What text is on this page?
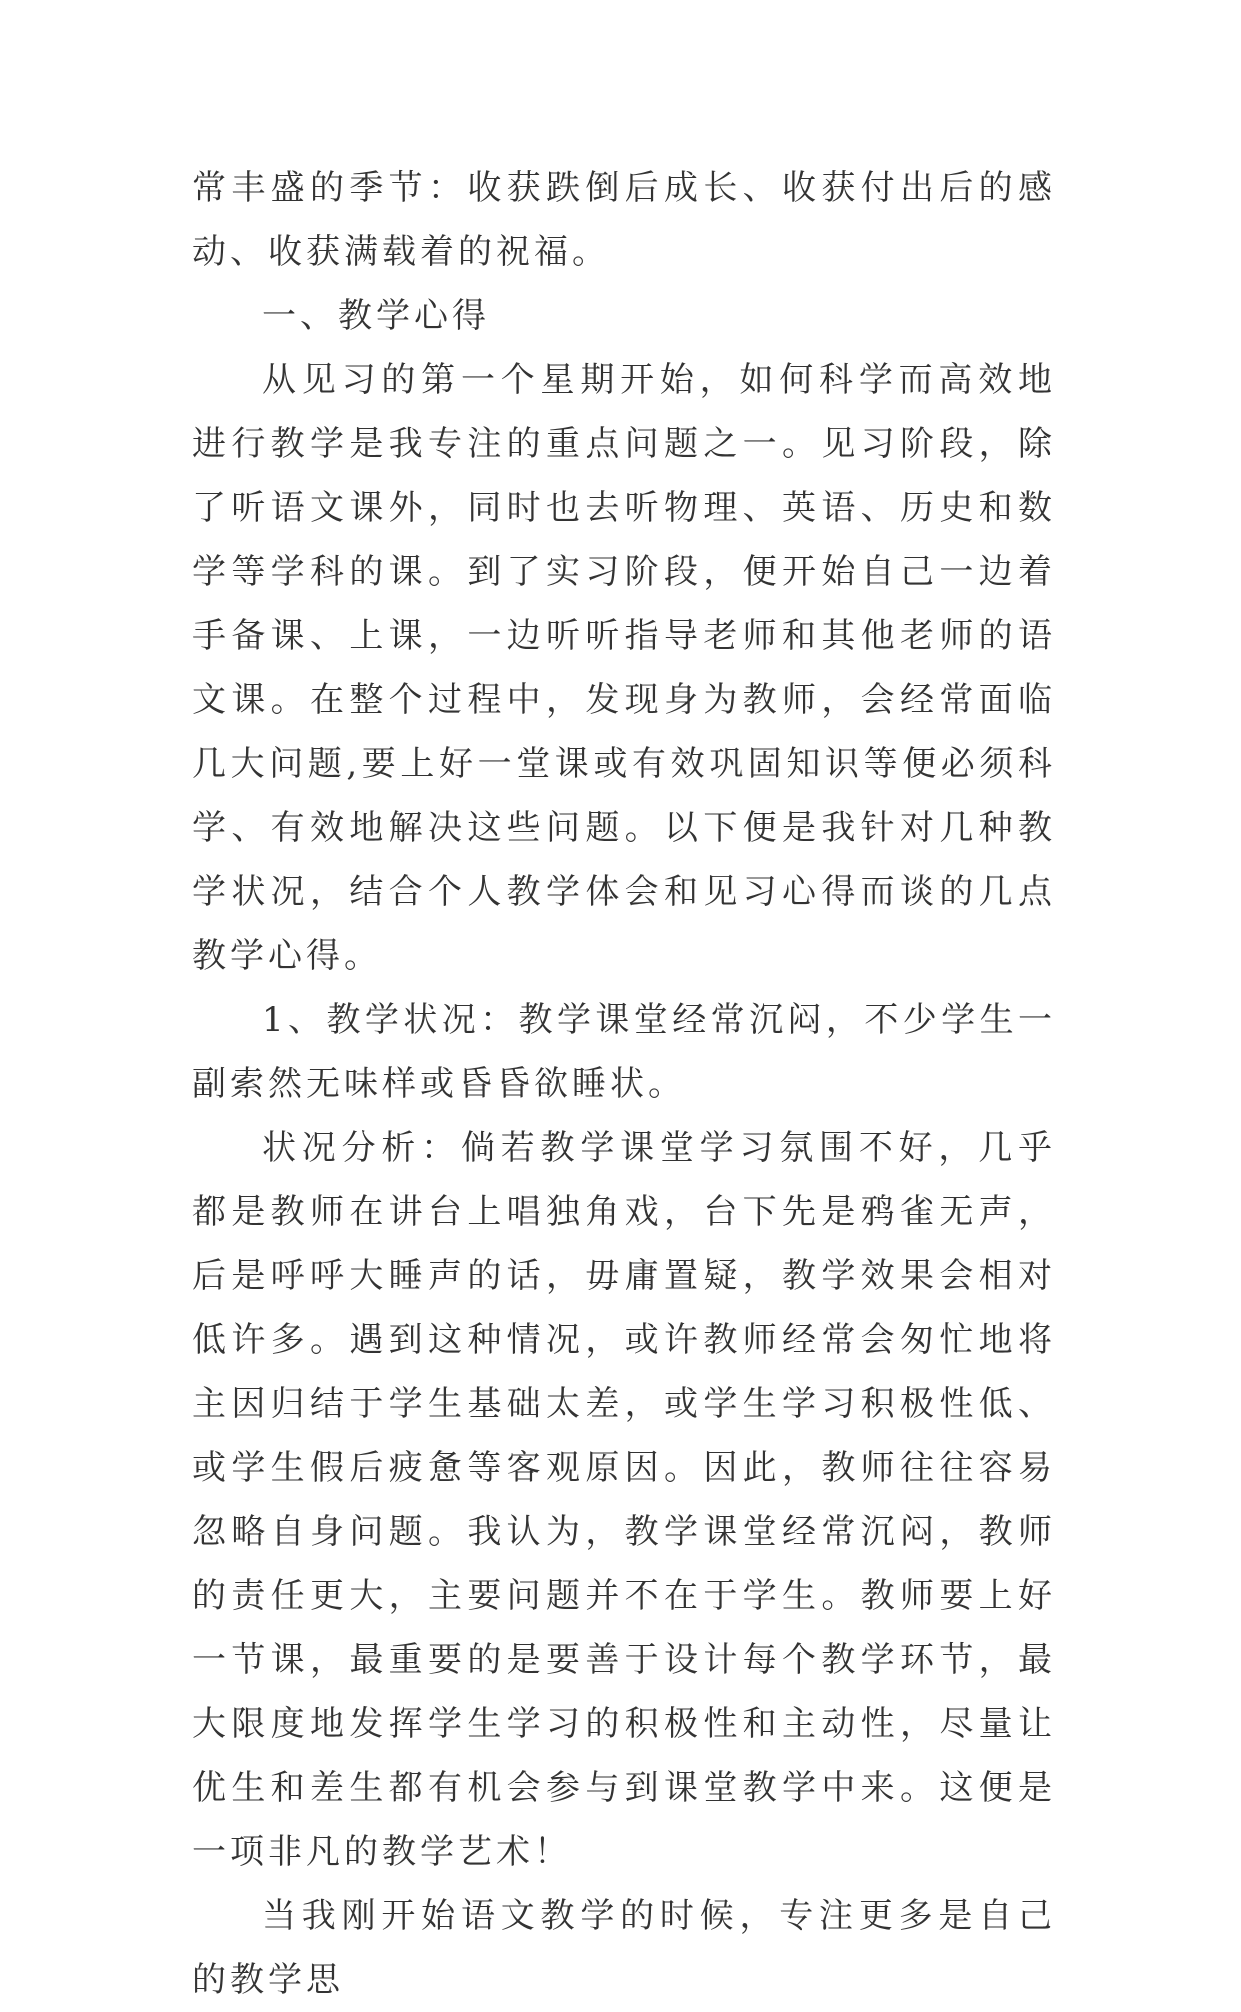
常丰盛的季节：收获跌倒后成长、收获付出后的感动、收获满载着的祝福。

一、教学心得

从见习的第一个星期开始，如何科学而高效地进行教学是我专注的重点问题之一。见习阶段，除了听语文课外，同时也去听物理、英语、历史和数学等学科的课。到了实习阶段，便开始自己一边着手备课、上课，一边听听指导老师和其他老师的语文课。在整个过程中，发现身为教师，会经常面临几大问题,要上好一堂课或有效巩固知识等便必须科学、有效地解决这些问题。以下便是我针对几种教学状况，结合个人教学体会和见习心得而谈的几点教学心得。

1、教学状况：教学课堂经常沉闷，不少学生一副索然无味样或昏昏欲睡状。

状况分析：倘若教学课堂学习氛围不好，几乎都是教师在讲台上唱独角戏，台下先是鸦雀无声，后是呼呼大睡声的话，毋庸置疑，教学效果会相对低许多。遇到这种情况，或许教师经常会匆忙地将主因归结于学生基础太差，或学生学习积极性低、或学生假后疲惫等客观原因。因此，教师往往容易忽略自身问题。我认为，教学课堂经常沉闷，教师的责任更大，主要问题并不在于学生。教师要上好一节课，最重要的是要善于设计每个教学环节，最大限度地发挥学生学习的积极性和主动性，尽量让优生和差生都有机会参与到课堂教学中来。这便是一项非凡的教学艺术！

当我刚开始语文教学的时候，专注更多是自己的教学思
